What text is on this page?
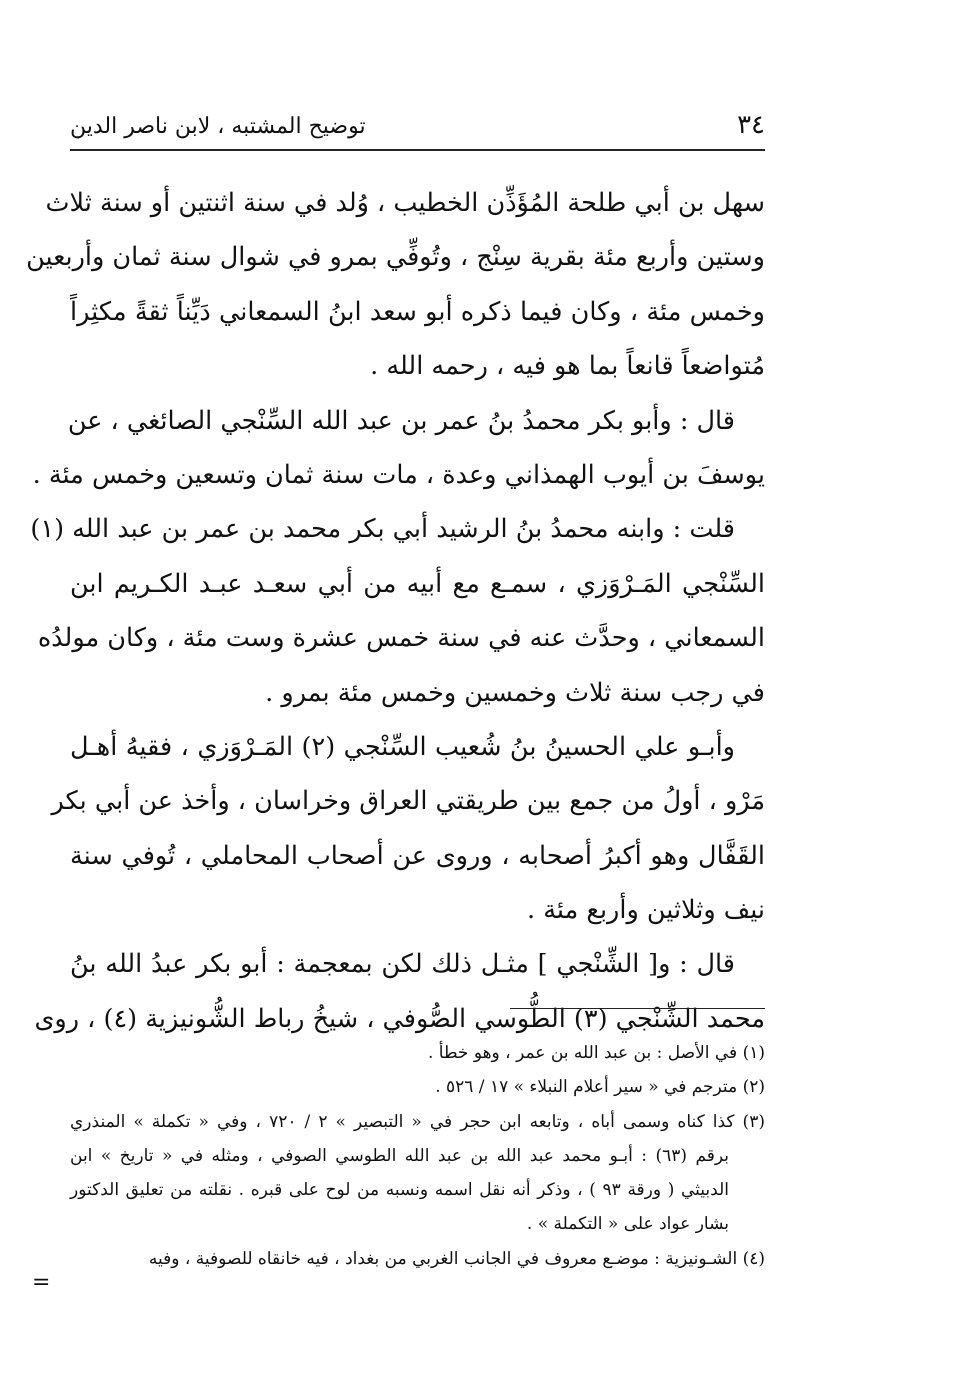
٣٤
توضيح المشتبه ، لابن ناصر الدين
سهل بن أبي طلحة المُؤَذِّن الخطيب ، وُلد في سنة اثنتين أو سنة ثلاث
وستين وأربع مئة بقرية سِنْج ، وتُوفِّي بمرو في شوال سنة ثمان وأربعين
وخمس مئة ، وكان فيما ذكره أبو سعد ابنُ السمعاني دَيِّناً ثقةً مكثِراً
مُتواضعاً قانعاً بما هو فيه ، رحمه الله .
قال : وأبو بكر محمدُ بنُ عمر بن عبد الله السِّنْجي الصائغي ، عن
يوسفَ بن أيوب الهمذاني وعدة ، مات سنة ثمان وتسعين وخمس مئة .
قلت : وابنه محمدُ بنُ الرشيد أبي بكر محمد بن عمر بن عبد الله (١)
السِّنْجي المَـرْوَزي ، سمـع مع أبيه من أبي سعـد عبـد الكـريم ابن
السمعاني ، وحدَّث عنه في سنة خمس عشرة وست مئة ، وكان مولدُه
في رجب سنة ثلاث وخمسين وخمس مئة بمرو .
وأبـو علي الحسينُ بنُ شُعيب السِّنْجي (٢) المَـرْوَزي ، فقيهُ أهـل
مَرْو ، أولُ من جمع بين طريقتي العراق وخراسان ، وأخذ عن أبي بكر
القَفَّال وهو أكبرُ أصحابه ، وروى عن أصحاب المحاملي ، تُوفي سنة
نيف وثلاثين وأربع مئة .
قال : و[ الشِّنْجي ] مثـل ذلك لكن بمعجمة : أبو بكر عبدُ الله بنُ
محمد الشِّنْجي (٣) الطُّوسي الصُّوفي ، شيخُ رباط الشُّونيزية (٤) ، روى
(١) في الأصل : بن عبد الله بن عمر ، وهو خطأ .
(٢) مترجم في « سير أعلام النبلاء » ١٧ / ٥٢٦ .
(٣) كذا كناه وسمى أباه ، وتابعه ابن حجر في « التبصير » ٢ / ٧٢٠ ، وفي « تكملة » المنذري
برقم (٦٣) : أبـو محمد عبد الله بن عبد الله الطوسي الصوفي ، ومثله في « تاريخ » ابن
الدبيثي ( ورقة ٩٣ ) ، وذكر أنه نقل اسمه ونسبه من لوح على قبره . نقلته من تعليق الدكتور
بشار عواد على « التكملة » .
(٤) الشـونيزية : موضـع معروف في الجانب الغربي من بغداد ، فيه خانقاه للصوفية ، وفيه
=
